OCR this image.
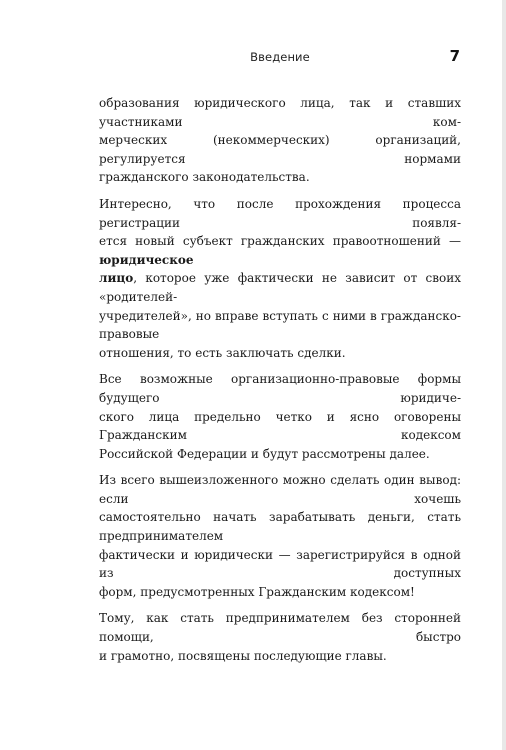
Введение	7

образования юридического лица, так и ставших участниками ком-
мерческих (некоммерческих) организаций, регулируется нормами
гражданского законодательства.

Интересно, что после прохождения процесса регистрации появля-
ется новый субъект гражданских правоотношений — юридическое
лицо, которое уже фактически не зависит от своих «родителей-
учредителей», но вправе вступать с ними в гражданско-правовые
отношения, то есть заключать сделки.

Все возможные организационно-правовые формы будущего юридиче-
ского лица предельно четко и ясно оговорены Гражданским кодексом
Российской Федерации и будут рассмотрены далее.

Из всего вышеизложенного можно сделать один вывод: если хочешь
самостоятельно начать зарабатывать деньги, стать предпринимателем
фактически и юридически — зарегистрируйся в одной из доступных
форм, предусмотренных Гражданским кодексом!

Тому, как стать предпринимателем без сторонней помощи, быстро
и грамотно, посвящены последующие главы.
